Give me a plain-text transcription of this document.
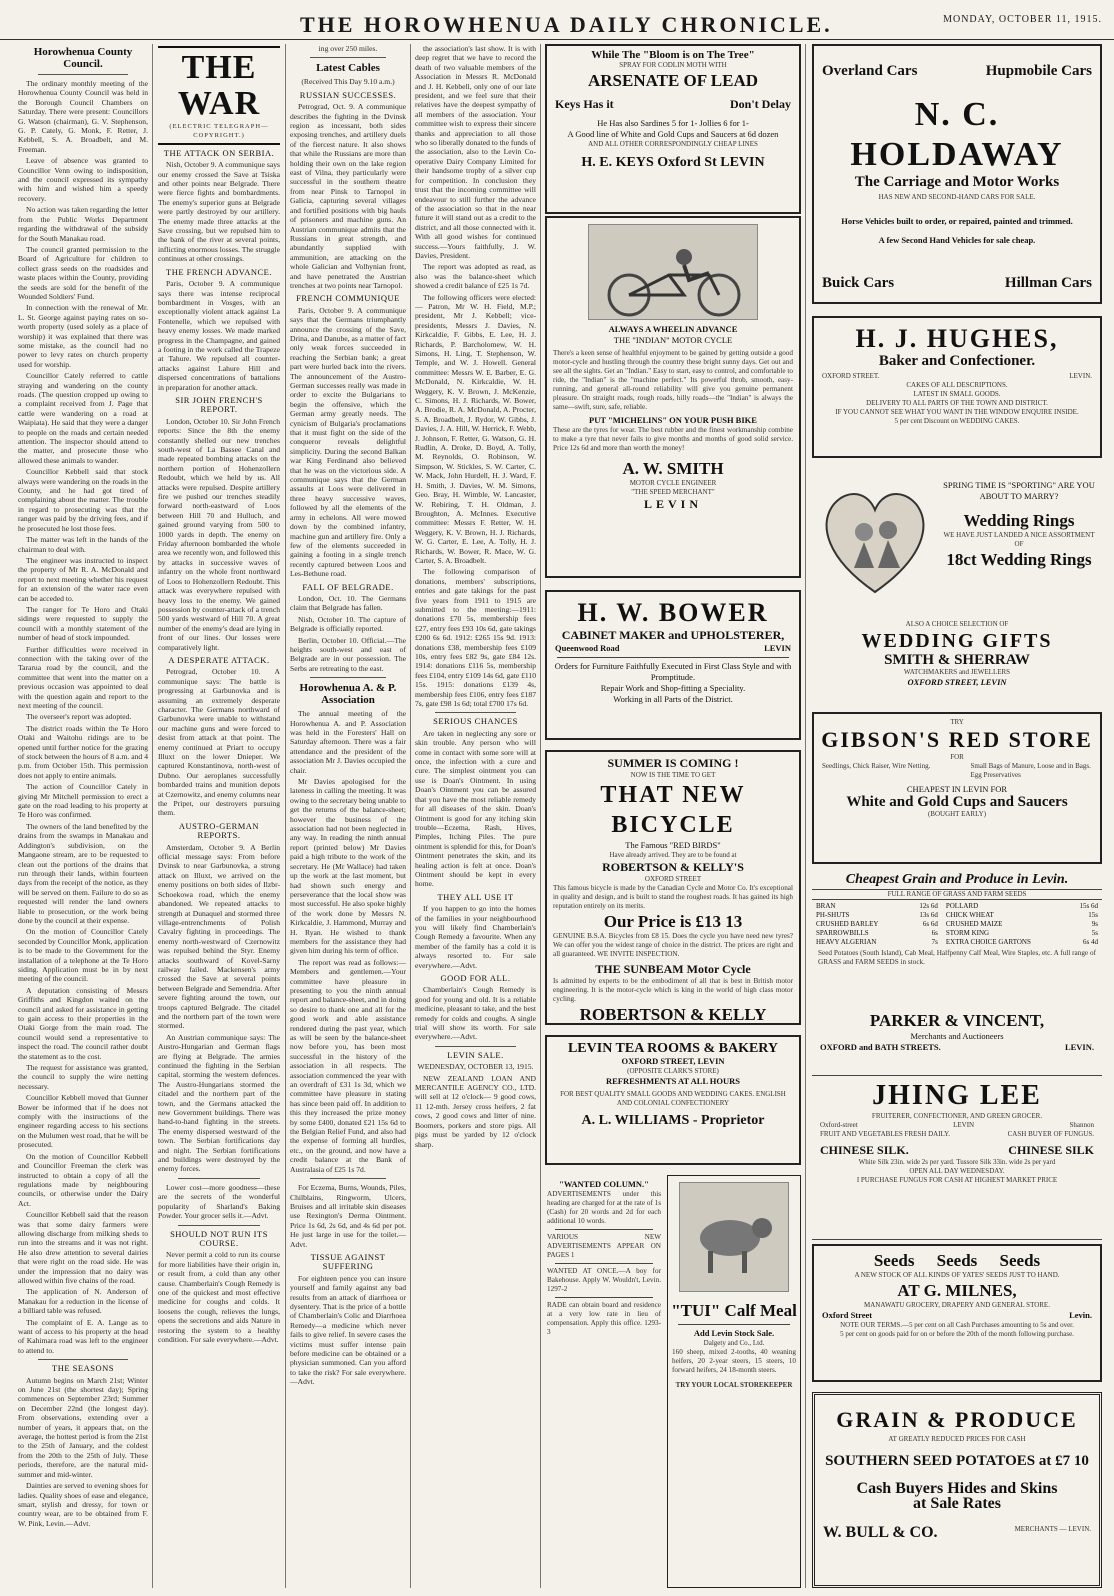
THE HOROWHENUA DAILY CHRONICLE.	MONDAY, OCTOBER 11, 1915.
Horowhenua County Council.

The ordinary monthly meeting of the Horowhenua County Council was held in the Borough Council Chambers on Saturday. There were present: Councillors G. Watson (chairman), G. V. Stephenson, G. P. Cately, G. Monk, F. Retter, J. Kebbell, S. A. Broadbelt, and M. Freeman.

Leave of absence was granted to Councillor Venn owing to indisposition, and the council expressed its sympathy with him and wished him a speedy recovery.

No action was taken regarding the letter from the Public Works Department regarding the withdrawal of the subsidy for the South Manakau road.

The council granted permission to the Board of Agriculture for children to collect grass seeds on the roadsides and waste places within the County, providing the seeds are sold for the benefit of the Wounded Soldiers' Fund.

In connection with the renewal of Mr. L. St. George against paying rates on so-worth property (used solely as a place of worship) it was explained that there was some mistake, as the council had no power to levy rates on church property used for worship.

Councillor Cately referred to cattle straying and wandering on the county roads. (The question cropped up owing to a complaint received from J. Page that cattle were wandering on a road at Waipiata). He said that they were a danger to people on the roads and certain needed attention. The inspector should attend to the matter, and prosecute those who allowed these animals to wander.

Councillor Kebbell said that stock always were wandering on the roads in the County, and he had got tired of complaining about the matter. The trouble in regard to prosecuting was that the ranger was paid by the driving fees, and if he prosecuted he lost those fees.

The matter was left in the hands of the chairman to deal with.

The engineer was instructed to inspect the property of Mr R. A. McDonald and report to next meeting whether his request for an extension of the water race even can be acceded to.

The ranger for Te Horo and Otaki sidings were requested to supply the council with a monthly statement of the number of head of stock impounded.

Further difficulties were received in connection with the taking over of the Tararua road by the council, and the committee that went into the matter on a previous occasion was appointed to deal with the question again and report to the next meeting of the council.

The overseer's report was adopted.

The district roads within the Te Horo Otaki and Waitohu ridings are to be opened until further notice for the grazing of stock between the hours of 8 a.m. and 4 p.m. from October 15th. This permission does not apply to entire animals.

The action of Councillor Cately in giving Mr Mitchell permission to erect a gate on the road leading to his property at Te Horo was confirmed.

The owners of the land benefited by the drains from the swamps in Manakau and Addington's subdivision, on the Mangaone stream, are to be requested to clean out the portions of the drains that run through their lands, within fourteen days from the receipt of the notice, as they will be served on them. Failure to do so as requested will render the land owners liable to prosecution, or the work being done by the council at their expense.

On the motion of Councillor Cately seconded by Councillor Monk, application is to be made to the Government for the installation of a telephone at the Te Horo siding. Application must be in by next meeting of the council.

A deputation consisting of Messrs Griffiths and Kingdon waited on the council and asked for assistance in getting to gain access to their properties in the Otaki Gorge from the main road. The council would send a representative to inspect the road. The council rather doubt the statement as to the cost.

The request for assistance was granted, the council to supply the wire netting necessary.

Councillor Kebbell moved that Gunner Bower be informed that if he does not comply with the instructions of the engineer regarding access to his sections on the Mulumen west road, that he will be prosecuted.

On the motion of Councillor Kebbell and Councillor Freeman the clerk was instructed to obtain a copy of all the regulations made by neighbouring councils, or otherwise under the Dairy Act.

Councillor Kebbell said that the reason was that some dairy farmers were allowing discharge from milking sheds to run into the streams and it was not right. He also drew attention to several dairies that were right on the road side. He was under the impression that no dairy was allowed within five chains of the road.

The application of N. Anderson of Manakau for a reduction in the license of a billiard table was refused.

The complaint of E. A. Lange as to want of access to his property at the head of Kahimara road was left to the engineer to attend to.

THE SEASONS

Autumn begins on March 21st; Winter on June 21st (the shortest day); Spring commences on September 23rd; Summer on December 22nd (the longest day). From observations, extending over a number of years, it appears that, on the average, the hottest period is from the 21st to the 25th of January, and the coldest from the 20th to the 25th of July. These periods, therefore, are the natural mid-summer and mid-winter.

Dainties are served to evening shoes for ladies. Quality shoes of ease and elegance, smart, stylish and dressy, for town or country wear, are to be obtained from F. W. Pink, Levin.—Advt.

THE WAR
(ELECTRIC TELEGRAPH—COPYRIGHT.)
THE ATTACK ON SERBIA.

Nish, October 9. A communique says our enemy crossed the Save at Tsiska and other points near Belgrade. There were fierce fights and bombardments. The enemy's superior guns at Belgrade were partly destroyed by our artillery. The enemy made three attacks at the Save crossing, but we repulsed him to the bank of the river at several points, inflicting enormous losses. The struggle continues at other crossings.

THE FRENCH ADVANCE.

Paris, October 9. A communique says there was intense reciprocal bombardment in Vosges, with an exceptionally violent attack against La Fontenelle, which we repulsed with heavy enemy losses. We made marked progress in the Champagne, and gained a footing in the work called the Trapeze at Tahure. We repulsed all counter-attacks against Lahure Hill and dispersed concentrations of battalions in preparation for another attack.

SIR JOHN FRENCH'S REPORT.

London, October 10. Sir John French reports: Since the 8th the enemy constantly shelled our new trenches south-west of La Bassee Canal and made repeated bombing attacks on the northern portion of Hohenzollern Redoubt, which we held by us. All attacks were repulsed. Despite artillery fire we pushed our trenches steadily forward north-eastward of Loos between Hill 70 and Hulluch, and gained ground varying from 500 to 1000 yards in depth. The enemy on Friday afternoon bombarded the whole area we recently won, and followed this by attacks in successive waves of infantry on the whole front northward of Loos to Hohenzollern Redoubt. This attack was everywhere repulsed with heavy loss to the enemy. We gained possession by counter-attack of a trench 500 yards westward of Hill 70. A great number of the enemy's dead are lying in front of our lines. Our losses were comparatively light.

A DESPERATE ATTACK.

Petrograd, October 10. A communique says: The battle is progressing at Garbunovka and is assuming an extremely desperate character. The Germans northward of Garbunovka were unable to withstand our machine guns and were forced to desist from attack at that point. The enemy continued at Priart to occupy Illuxt on the lower Dnieper. We captured Konstantinova, north-west of Dubno. Our aeroplanes successfully bombarded trains and munition depots at Czernowitz, and enemy columns near the Pripet, our destroyers pursuing them.

AUSTRO-GERMAN REPORTS.

Amsterdam, October 9. A Berlin official message says: From before Dvinsk to near Garbunovka, a strong attack on Illuxt, we arrived on the enemy positions on both sides of Ilzbr-Schoekowa road, which the enemy abandoned. We repeated attacks to strength at Dunaquel and stormed three village-entrenchments of Polish Cavalry fighting in proceedings. The enemy north-westward of Czernowitz was repulsed behind the Styr. Enemy attacks southward of Kovel-Sarny railway failed. Mackensen's army crossed the Save at several points between Belgrade and Semendria. After severe fighting around the town, our troops captured Belgrade. The citadel and the northern part of the town were stormed.

An Austrian communique says: The Austro-Hungarian and German flags are flying at Belgrade. The armies continued the fighting in the Serbian capital, storming the western defences. The Austro-Hungarians stormed the citadel and the northern part of the town, and the Germans attacked the new Government buildings. There was hand-to-hand fighting in the streets. The enemy dispersed westward of the town. The Serbian fortifications day and night. The Serbian fortifications and buildings were destroyed by the enemy forces.

Lower cost—more goodness—these are the secrets of the wonderful popularity of Sharland's Baking Powder. Your grocer sells it.—Advt.

SHOULD NOT RUN ITS COURSE.

Never permit a cold to run its course for more liabilities have their origin in, or result from, a cold than any other cause. Chamberlain's Cough Remedy is one of the quickest and most effective medicine for coughs and colds. It loosens the cough, relieves the lungs, opens the secretions and aids Nature in restoring the system to a healthy condition. For sale everywhere.—Advt.

ing over 250 miles.

Latest Cables

(Received This Day 9.10 a.m.)

RUSSIAN SUCCESSES.

Petrograd, Oct. 9. A communique describes the fighting in the Dvinsk region as incessant, both sides exposing trenches, and artillery duels of the fiercest nature. It also shows that while the Russians are more than holding their own on the lake region east of Vilna, they particularly were successful in the southern theatre from near Pinsk to Tarnopol in Galicia, capturing several villages and fortified positions with big hauls of prisoners and machine guns. An Austrian communique admits that the Russians in great strength, and abundantly supplied with ammunition, are attacking on the whole Galician and Volhynian front, and have penetrated the Austrian trenches at two points near Tarnopol.

FRENCH COMMUNIQUE

Paris, October 9. A communique says that the Germans triumphantly announce the crossing of the Save, Drina, and Danube, as a matter of fact only weak forces succeeded in reaching the Serbian bank; a great part were hurled back into the rivers. The announcement of the Austro-German successes really was made in order to excite the Bulgarians to begin the offensive, which the German army greatly needs. The cynicism of Bulgaria's proclamations that it must fight on the side of the conqueror reveals delightful simplicity. During the second Balkan war King Ferdinand also believed that he was on the victorious side. A communique says that the German assaults at Loos were delivered in three heavy successive waves, followed by all the elements of the army in echelons. All were mowed down by the combined infantry, machine gun and artillery fire. Only a few of the elements succeeded in gaining a footing in a single trench recently captured between Loos and Les-Bethune road.

FALL OF BELGRADE.

London, Oct. 10. The Germans claim that Belgrade has fallen.

Nish, October 10. The capture of Belgrade is officially reported.

Berlin, October 10. Official.—The heights south-west and east of Belgrade are in our possession. The Serbs are retreating to the east.

Horowhenua A. & P. Association

The annual meeting of the Horowhenua A. and P. Association was held in the Foresters' Hall on Saturday afternoon. There was a fair attendance and the president of the association Mr J. Davies occupied the chair.

Mr Davies apologised for the lateness in calling the meeting. It was owing to the secretary being unable to get the returns of the balance-sheet; however the business of the association had not been neglected in any way. In reading the ninth annual report (printed below) Mr Davies paid a high tribute to the work of the secretary. He (Mr Wallace) had taken up the work at the last moment, but had shown such energy and perseverance that the local show was most successful. He also spoke highly of the work done by Messrs N. Kirkcaldie, J. Hammond, Murray and H. Ryan. He wished to thank members for the assistance they had given him during his term of office.

The report was read as follows:— Members and gentlemen.—Your committee have pleasure in presenting to you the ninth annual report and balance-sheet, and in doing so desire to thank one and all for the good work and able assistance rendered during the past year, which as will be seen by the balance-sheet now before you, has been most successful in the history of the association in all respects. The association commenced the year with an overdraft of £31 1s 3d, which we committee have pleasure in stating has since been paid off. In addition to this they increased the prize money by some £400, donated £21 15s 6d to the Belgian Relief Fund, and also had the expense of forming all hurdles, etc., on the ground, and now have a credit balance at the Bank of Australasia of £25 1s 7d.

For Eczema, Burns, Wounds, Piles, Chilblains, Ringworm, Ulcers, Bruises and all irritable skin diseases use Rexington's Derma Ointment. Price 1s 6d, 2s 6d, and 4s 6d per pot. He just large in use for the toilet.—Advt.

TISSUE AGAINST SUFFERING

For eighteen pence you can insure yourself and family against any bad results from an attack of diarrhoea or dysentery. That is the price of a bottle of Chamberlain's Colic and Diarrhoea Remedy—a medicine which never fails to give relief. In severe cases the victims must suffer intense pain before medicine can be obtained or a physician summoned. Can you afford to take the risk? For sale everywhere.—Advt.

the association's last show. It is with deep regret that we have to record the death of two valuable members of the Association in Messrs R. McDonald and J. H. Kebbell, only one of our late president, and we feel sure that their relatives have the deepest sympathy of all members of the association. Your committee wish to express their sincere thanks and appreciation to all those who so liberally donated to the funds of the association, also to the Levin Co-operative Dairy Company Limited for their handsome trophy of a silver cup for competition. In conclusion they trust that the incoming committee will endeavour to still further the advance of the association so that in the near future it will stand out as a credit to the district, and all those connected with it. With all good wishes for continued success.—Yours faithfully, J. W. Davies, President.

The report was adopted as read, as also was the balance-sheet which showed a credit balance of £25 1s 7d.

The following officers were elected:— Patron, Mr W. H. Field, M.P.; president, Mr J. Kebbell; vice-presidents, Messrs J. Davies, N. Kirkcaldie, F. Gibbs, E. Lee, H. J. Richards, P. Barcholomew, W. H. Simons, H. Ling, T. Stephenson, W. Temple, and W. J. Howell. General committee: Messrs W. E. Barber, E. G. McDonald, N. Kirkcaldie, W. H. Weggery, K. V. Brown, J. McKenzie, C. Simons, H. J. Richards, W. Bower, A. Brodie, R. A. McDonald, A. Procter, S. A. Broadbelt, J. Rydor, W. Gibbs, J. Davies, J. A. Hill, W. Herrick, F. Webb, J. Johnson, F. Retter, G. Watson, G. H. Rudlin, A. Droke, D. Boyd, A. Tolly, M. Reynolds, O. Robinson, W. Simpson, W. Stickles, S. W. Carter, C. W. Mack, John Hurdell, H. J. Ward, F. H. Smith, J. Davies, W. M. Simons, Geo. Bray, H. Wimble, W. Lancaster, W. Rebiring, T. H. Oldman, J. Broughton, A. McInnes. Executive committee: Messrs F. Retter, W. H. Weggery, K. V. Brown, H. J. Richards, W. G. Carter, E. Lee, A. Tolly, H. J. Richards, W. Bower, R. Mace, W. G. Carter, S. A. Broadbelt.

The following comparison of donations, members' subscriptions, entries and gate takings for the past five years from 1911 to 1915 are submitted to the meeting:—1911: donations £70 5s, membership fees £27, entry fees £93 10s 6d, gate takings £200 6s 6d. 1912: £265 15s 9d. 1913: donations £38, membership fees £109 10s, entry fees £82 9s, gate £84 12s. 1914: donations £116 5s, membership fees £104, entry £109 14s 6d, gate £110 15s. 1915: donations £139 4s, membership fees £106, entry fees £187 7s, gate £98 1s 6d; total £700 17s 6d.

SERIOUS CHANCES

Are taken in neglecting any sore or skin trouble. Any person who will come in contact with some sore will at once, the infection with a cure and cure. The simplest ointment you can use is Doan's Ointment. In using Doan's Ointment you can be assured that you have the most reliable remedy for all diseases of the skin. Doan's Ointment is good for any itching skin trouble—Eczema, Rash, Hives, Pimples, Itching Piles. The pure ointment is splendid for this, for Doan's Ointment penetrates the skin, and its healing action is felt at once. Doan's Ointment should be kept in every home.

THEY ALL USE IT

If you happen to go into the homes of the families in your neighbourhood you will likely find Chamberlain's Cough Remedy a favourite. When any member of the family has a cold it is always resorted to. For sale everywhere.—Advt.

GOOD FOR ALL.

Chamberlain's Cough Remedy is good for young and old. It is a reliable medicine, pleasant to take, and the best remedy for colds and coughs. A single trial will show its worth. For sale everywhere.—Advt.

LEVIN SALE.

WEDNESDAY, OCTOBER 13, 1915.

NEW ZEALAND LOAN AND MERCANTILE AGENCY CO., LTD. will sell at 12 o'clock— 9 good cows, 11 12-mth. Jersey cross heifers, 2 fat cows, 2 good cows and litter of nine. Boomers, porkers and store pigs. All pigs must be yarded by 12 o'clock sharp.

While The "Bloom is on The Tree"
SPRAY FOR CODLIN MOTH WITH
ARSENATE OF LEAD
Keys Has it	Don't Delay
He Has also Sardines 5 for 1- Jollies 6 for 1-
A Good line of White and Gold Cups and Saucers at 6d dozen
AND ALL OTHER CORRESPONDINGLY CHEAP LINES
H. E. KEYS Oxford St LEVIN
ALWAYS A WHEELIN ADVANCE
THE "INDIAN" MOTOR CYCLE
There's a keen sense of healthful enjoyment to be gained by getting outside a good motor-cycle and hustling through the country these bright sunny days. Get out and see all the sights. Get an "Indian." Easy to start, easy to control, and comfortable to ride, the "Indian" is the "machine perfect." Its powerful throb, smooth, easy-running, and general all-round reliability will give you genuine permanent pleasure. On straight roads, rough roads, hilly roads—the "Indian" is always the same—swift, sure, safe, reliable.
PUT "MICHELINS" ON YOUR PUSH BIKE
These are the tyres for wear. The best rubber and the finest workmanship combine to make a tyre that never fails to give months and months of good solid service. Price 12s 6d and more than worth the money!
A. W. SMITH
MOTOR CYCLE ENGINEER
"THE SPEED MERCHANT"
LEVIN
H. W. BOWER
CABINET MAKER and UPHOLSTERER,
Queenwood Road	LEVIN
Orders for Furniture Faithfully Executed in First Class Style and with Promptitude.
Repair Work and Shop-fitting a Speciality.
Working in all Parts of the District.
SUMMER IS COMING !
NOW IS THE TIME TO GET
THAT NEW BICYCLE
The Famous "RED BIRDS"
Have already arrived. They are to be found at
ROBERTSON & KELLY'S
OXFORD STREET
This famous bicycle is made by the Canadian Cycle and Motor Co. It's exceptional in quality and design, and is built to stand the roughest roads. It has gained its high reputation entirely on its merits.
Our Price is £13 13
GENUINE B.S.A. Bicycles from £8 15. Does the cycle you have need new tyres? We can offer you the widest range of choice in the district. The prices are right and all guaranteed. WE INVITE INSPECTION.
THE SUNBEAM Motor Cycle
Is admitted by experts to be the embodiment of all that is best in British motor engineering. It is the motor-cycle which is king in the world of high class motor cycling.
ROBERTSON & KELLY
LEVIN TEA ROOMS & BAKERY
OXFORD STREET, LEVIN
(OPPOSITE CLARK'S STORE)
REFRESHMENTS AT ALL HOURS
FOR BEST QUALITY SMALL GOODS AND WEDDING CAKES. ENGLISH AND COLONIAL CONFECTIONERY
A. L. WILLIAMS - Proprietor
"WANTED COLUMN."
ADVERTISEMENTS under this heading are charged for at the rate of 1s (Cash) for 20 words and 2d for each additional 10 words.
VARIOUS NEW ADVERTISEMENTS APPEAR ON PAGES 1
WANTED AT ONCE.—A boy for Bakehouse. Apply W. Wouldn't, Levin. 1297-2
RADE can obtain board and residence at a very low rate in lieu of compensation. Apply this office. 1293-3
"TUI" Calf Meal
Add Levin Stock Sale.
Dalgety and Co., Ltd.
160 sheep, mixed 2-tooths, 40 weaning heifers, 20 2-year steers, 15 steers, 10 forward heifers, 24 18-month steers.
TRY YOUR LOCAL STOREKEEPER
Overland Cars	Hupmobile Cars
N. C. HOLDAWAY
The Carriage and Motor Works
HAS NEW AND SECOND-HAND CARS FOR SALE.
Horse Vehicles built to order, or repaired, painted and trimmed.
A few Second Hand Vehicles for sale cheap.
Buick Cars	Hillman Cars
H. J. HUGHES,
Baker and Confectioner.
OXFORD STREET.	LEVIN.
CAKES OF ALL DESCRIPTIONS.
LATEST IN SMALL GOODS.
DELIVERY TO ALL PARTS OF THE TOWN AND DISTRICT.
IF YOU CANNOT SEE WHAT YOU WANT IN THE WINDOW ENQUIRE INSIDE.
5 per cent Discount on WEDDING CAKES.
SPRING TIME IS "SPORTING" ARE YOU ABOUT TO MARRY?
Wedding Rings
WE HAVE JUST LANDED A NICE ASSORTMENT OF
18ct Wedding Rings
ALSO A CHOICE SELECTION OF
WEDDING GIFTS
SMITH & SHERRAW
WATCHMAKERS and JEWELLERS
OXFORD STREET, LEVIN
TRY
GIBSON'S RED STORE
FOR
Seedlings, Chick Raiser, Wire Netting.	Small Bags of Manure, Loose and in Bags. Egg Preservatives
CHEAPEST IN LEVIN FOR
White and Gold Cups and Saucers
(BOUGHT EARLY)
Cheapest Grain and Produce in Levin.
FULL RANGE OF GRASS AND FARM SEEDS
BRAN	12s 6d	POLLARD	15s 6d
PH-SHUTS	13s 6d	CHICK WHEAT	15s
CRUSHED BARLEY	6s 6d	CRUSHED MAIZE	9s
SPARROWBILLS	6s	STORM KING	5s
HEAVY ALGERIAN	7s	EXTRA CHOICE GARTONS	6s 4d
Seed Potatoes (South Island), Cab Meal, Halfpenny Calf Meal, Wire Staples, etc. A full range of GRASS and FARM SEEDS in stock.
PARKER & VINCENT,
Merchants and Auctioneers
OXFORD and BATH STREETS.	LEVIN.
JHING LEE
FRUITERER, CONFECTIONER, AND GREEN GROCER.
Oxford-street	LEVIN	Shannon
FRUIT AND VEGETABLES FRESH DAILY.	CASH BUYER OF FUNGUS.
CHINESE SILK.	CHINESE SILK
White Silk 23in. wide 2s per yard. Tussore Silk 33in. wide 2s per yard
OPEN ALL DAY WEDNESDAY.
I PURCHASE FUNGUS FOR CASH AT HIGHEST MARKET PRICE
Seeds Seeds Seeds
A NEW STOCK OF ALL KINDS OF YATES' SEEDS JUST TO HAND.
AT G. MILNES,
MANAWATU GROCERY, DRAPERY AND GENERAL STORE.
Oxford Street	Levin.
NOTE OUR TERMS.—5 per cent on all Cash Purchases amounting to 5s and over.
5 per cent on goods paid for on or before the 20th of the month following purchase.
GRAIN & PRODUCE
AT GREATLY REDUCED PRICES FOR CASH
SOUTHERN SEED POTATOES at £7 10
Cash Buyers Hides and Skins
at Sale Rates
W. BULL & CO.	MERCHANTS — LEVIN.
